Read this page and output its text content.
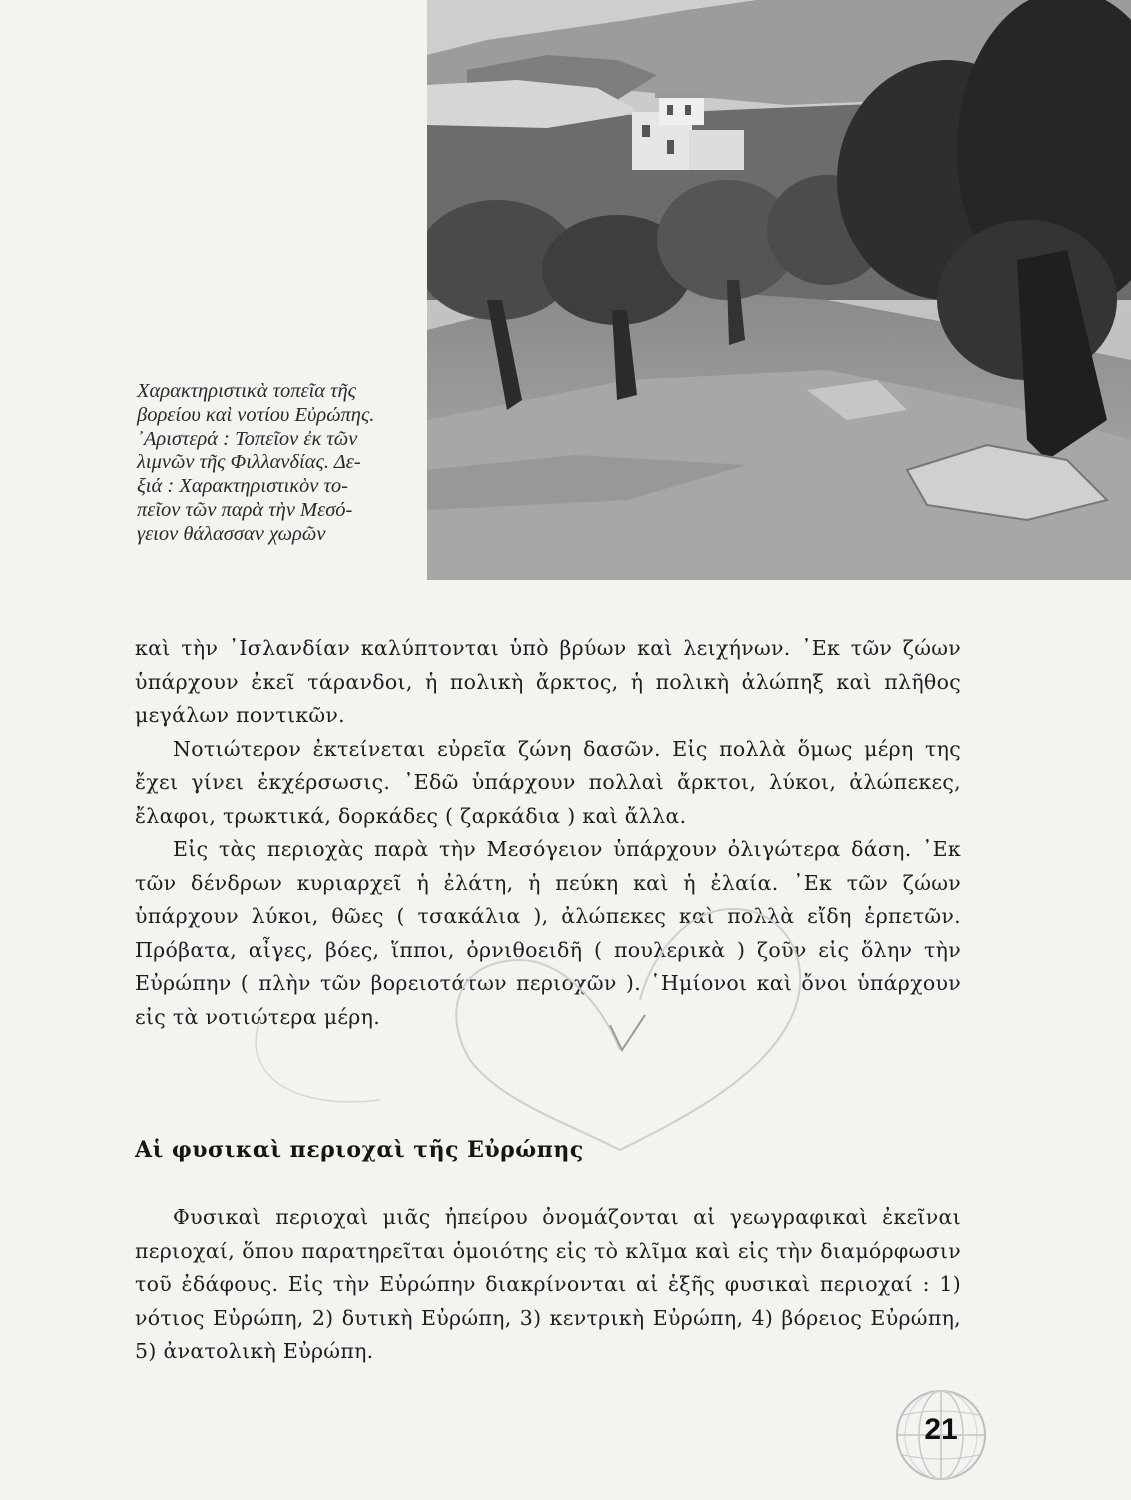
Χαρακτηριστικὰ τοπεῖα τῆς
βορείου καὶ νοτίου Εὐρώπης.
᾿Αριστερά : Τοπεῖον ἐκ τῶν
λιμνῶν τῆς Φιλλανδίας. Δε-
ξιά : Χαρακτηριστικὸν το-
πεῖον τῶν παρὰ τὴν Μεσό-
γειον θάλασσαν χωρῶν

καὶ τὴν ᾿Ισλανδίαν καλύπτονται ὑπὸ βρύων καὶ λειχήνων. ᾿Εκ τῶν ζώων ὑπάρχουν ἐκεῖ τάρανδοι, ἡ πολικὴ ἄρκτος, ἡ πολικὴ ἀλώπηξ καὶ πλῆθος μεγάλων ποντικῶν.

Νοτιώτερον ἐκτείνεται εὐρεῖα ζώνη δασῶν. Εἰς πολλὰ ὅμως μέρη της ἔχει γίνει ἐκχέρσωσις. ᾿Εδῶ ὑπάρχουν πολλαὶ ἄρκτοι, λύκοι, ἀλώπεκες, ἔλαφοι, τρωκτικά, δορκάδες ( ζαρκάδια ) καὶ ἄλλα.

Εἰς τὰς περιοχὰς παρὰ τὴν Μεσόγειον ὑπάρχουν ὀλιγώτερα δάση. ᾿Εκ τῶν δένδρων κυριαρχεῖ ἡ ἐλάτη, ἡ πεύκη καὶ ἡ ἐλαία. ᾿Εκ τῶν ζώων ὑπάρχουν λύκοι, θῶες ( τσακάλια ), ἀλώπεκες καὶ πολλὰ εἴδη ἑρπετῶν. Πρόβατα, αἶγες, βόες, ἵπποι, ὀρνιθοειδῆ ( πουλερικὰ ) ζοῦν εἰς ὅλην τὴν Εὐρώπην ( πλὴν τῶν βορειοτάτων περιοχῶν ). ῾Ημίονοι καὶ ὄνοι ὑπάρχουν εἰς τὰ νοτιώτερα μέρη.

Αἱ φυσικαὶ περιοχαὶ τῆς Εὐρώπης

Φυσικαὶ περιοχαὶ μιᾶς ἠπείρου ὀνομάζονται αἱ γεωγραφικαὶ ἐκεῖναι περιοχαί, ὅπου παρατηρεῖται ὁμοιότης εἰς τὸ κλῖμα καὶ εἰς τὴν διαμόρφωσιν τοῦ ἐδάφους. Εἰς τὴν Εὐρώπην διακρίνονται αἱ ἑξῆς φυσικαὶ περιοχαί : 1) νότιος Εὐρώπη, 2) δυτικὴ Εὐρώπη, 3) κεντρικὴ Εὐρώπη, 4) βόρειος Εὐρώπη, 5) ἀνατολικὴ Εὐρώπη.

21
